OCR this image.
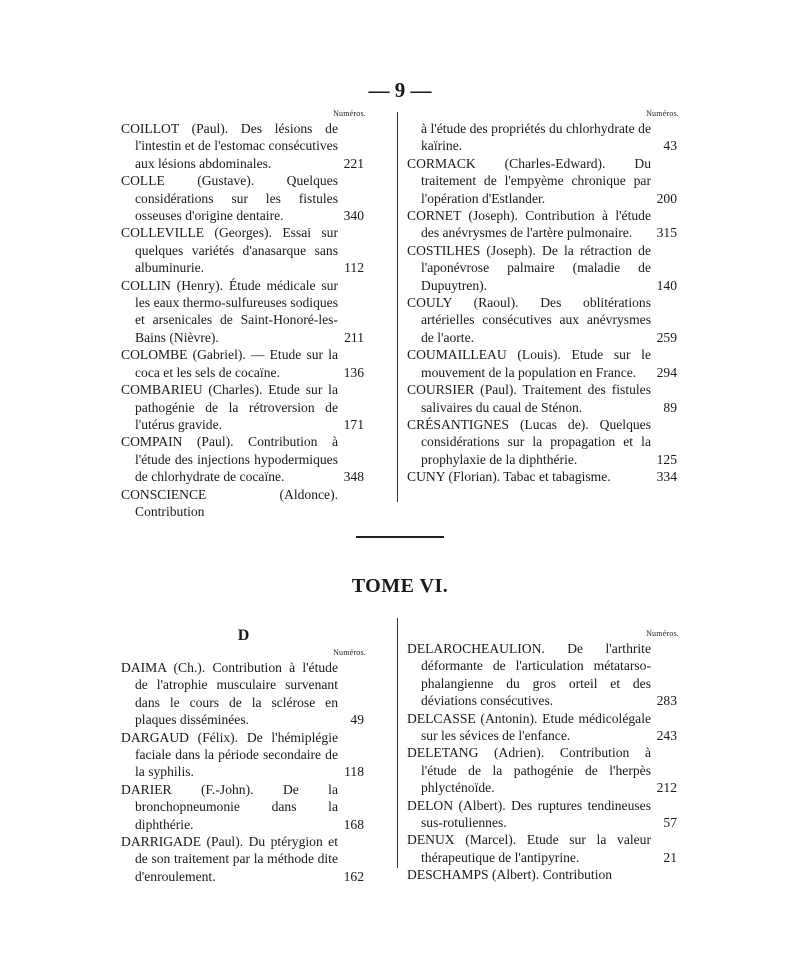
— 9 —
TOME VI.
Numéros.
COILLOT (Paul). Des lésions de l'intestin et de l'estomac consécutives aux lésions abdominales.	221
COLLE (Gustave). Quelques considérations sur les fistules osseuses d'origine dentaire.	340
COLLEVILLE (Georges). Essai sur quelques variétés d'anasarque sans albuminurie.	112
COLLIN (Henry). Étude médicale sur les eaux thermo-sulfureuses sodiques et arsenicales de Saint-Honoré-les-Bains (Nièvre).	211
COLOMBE (Gabriel). — Etude sur la coca et les sels de cocaïne.	136
COMBARIEU (Charles). Etude sur la pathogénie de la rétroversion de l'utérus gravide.	171
COMPAIN (Paul). Contribution à l'étude des injections hypodermiques de chlorhydrate de cocaïne.	348
CONSCIENCE (Aldonce). Contribution
Numéros.
à l'étude des propriétés du chlorhydrate de kaïrine.	43
CORMACK (Charles-Edward). Du traitement de l'empyème chronique par l'opération d'Estlander.	200
CORNET (Joseph). Contribution à l'étude des anévrysmes de l'artère pulmonaire. 315
COSTILHES (Joseph). De la rétraction de l'aponévrose palmaire (maladie de Dupuytren).	140
COULY (Raoul). Des oblitérations artérielles consécutives aux anévrysmes de l'aorte.	259
COUMAILLEAU (Louis). Etude sur le mouvement de la population en France. 294
COURSIER (Paul). Traitement des fistules salivaires du caual de Sténon.	89
CRÉSANTIGNES (Lucas de). Quelques considérations sur la propagation et la prophylaxie de la diphthérie.	125
CUNY (Florian). Tabac et tabagisme.	334
D
Numéros.
DAIMA (Ch.). Contribution à l'étude de l'atrophie musculaire survenant dans le cours de la sclérose en plaques disséminées.	49
DARGAUD (Félix). De l'hémiplégie faciale dans la période secondaire de la syphilis.	118
DARIER (F.-John). De la bronchopneumonie dans la diphthérie.	168
DARRIGADE (Paul). Du ptérygion et de son traitement par la méthode dite d'enroulement.	162
Numéros.
DELAROCHEAULION. De l'arthrite déformante de l'articulation métatarso-phalangienne du gros orteil et des déviations consécutives.	283
DELCASSE (Antonin). Etude médicolégale sur les sévices de l'enfance.	243
DELETANG (Adrien). Contribution à l'étude de la pathogénie de l'herpès phlycténoïde.	212
DELON (Albert). Des ruptures tendineuses sus-rotuliennes.	57
DENUX (Marcel). Etude sur la valeur thérapeutique de l'antipyrine.	21
DESCHAMPS (Albert). Contribution
